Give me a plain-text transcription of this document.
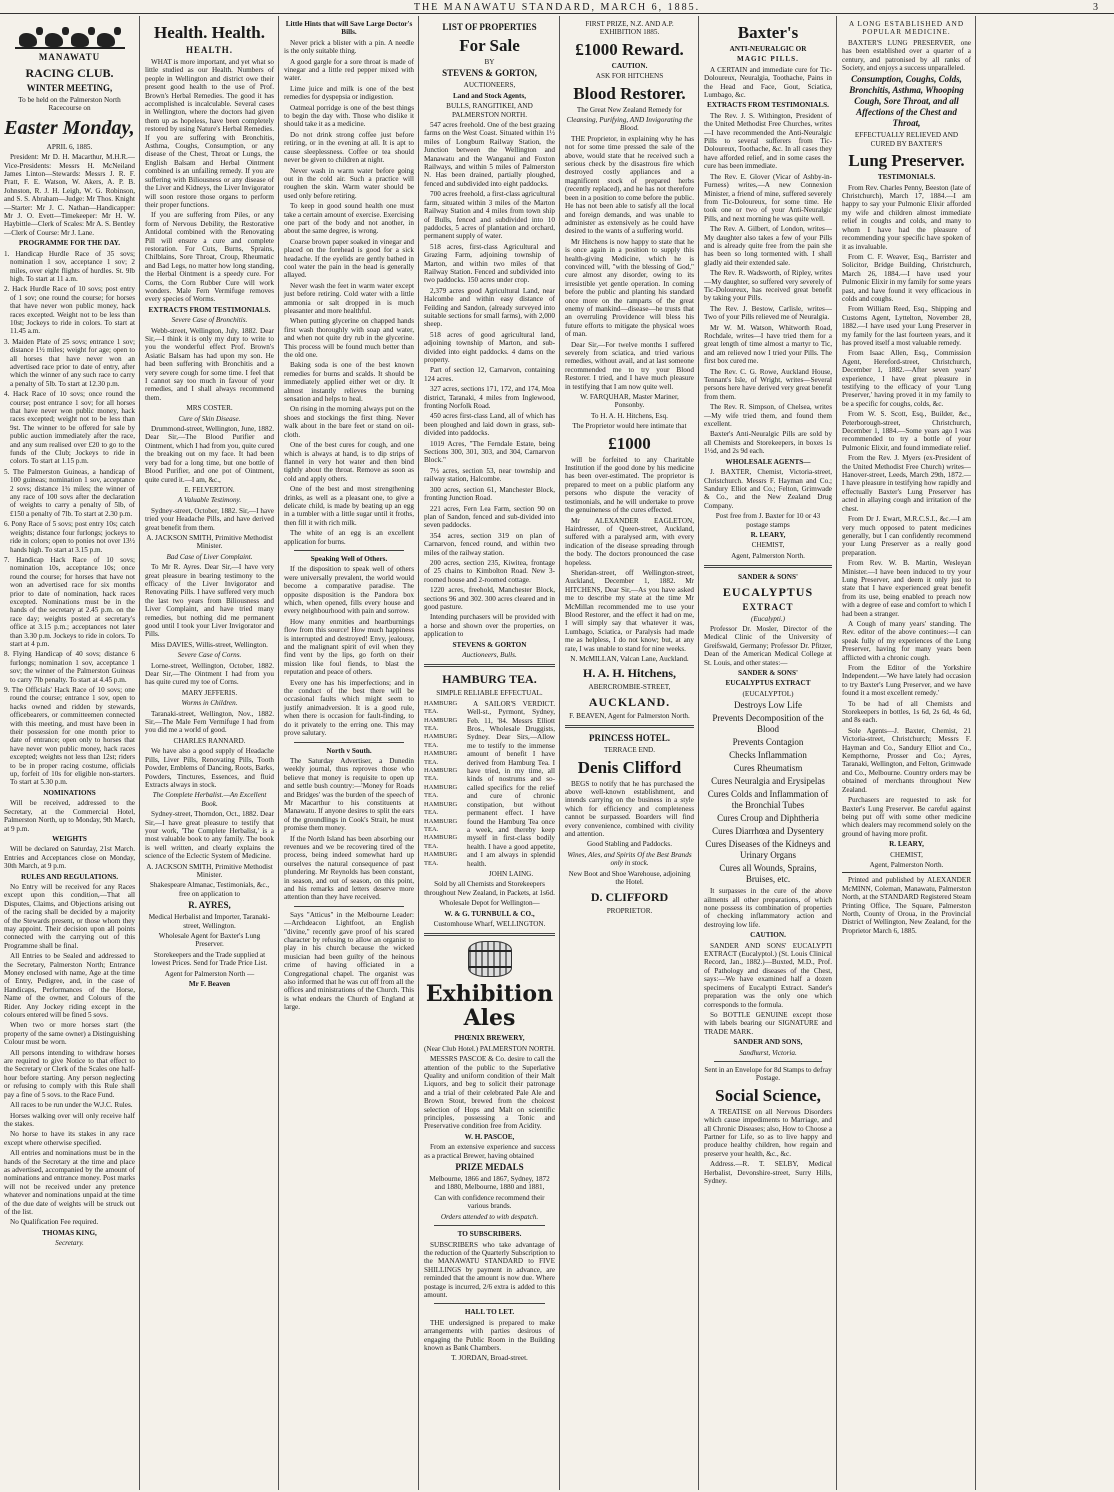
THE MANAWATU STANDARD, MARCH 6, 1885.	3

MANAWATU

RACING CLUB.

WINTER MEETING,

To be held on the Palmerston North Racecourse on

Easter Monday,

APRIL 6, 1885.

President: Mr D. H. Macarthur, M.H.R.—Vice-Presidents: Messrs H. McNeiland James Linton—Stewards: Messrs J. R. F. Pratt, F. E. Watson, W. Akers, A. P. B. Johnston, R. J. H. Leigh, W. G. Robinson, and S. S. Abraham—Judge: Mr Thos. Knight —Starter: Mr J. C. Nathan—Handicapper: Mr J. O. Evett—Timekeeper: Mr H. W. Haybittle—Clerk of Scales: Mr A. S. Bentley—Clerk of Course: Mr J. Lane.

PROGRAMME FOR THE DAY.

1. Handicap Hurdle Race of 35 sovs; nomination 1 sov, acceptance 1 sov; 2 miles, over eight flights of hurdles. St. 9lb high. To start at 11 a.m.

2. Hack Hurdle Race of 10 sovs; post entry of 1 sov; one round the course; for horses that have never won public money, hack races excepted. Weight not to be less than 10st; Jockeys to ride in colors. To start at 11.45 a.m.

3. Maiden Plate of 25 sovs; entrance 1 sov; distance 1½ miles; weight for age; open to all horses that have never won an advertised race prior to date of entry, after which the winner of any such race to carry a penalty of 5lb. To start at 12.30 p.m.

4. Hack Race of 10 sovs; once round the course; post entrance 1 sov; for all horses that have never won public money, hack races excepted; weight not to be less than 9st. The winner to be offered for sale by public auction immediately after the race, and any sum realised over £20 to go to the funds of the Club; Jockeys to ride in colors. To start at 1.15 p.m.

5. The Palmerston Guineas, a handicap of 100 guineas; nomination 1 sov, acceptance 2 sovs; distance 1¾ miles; the winner of any race of 100 sovs after the declaration of weights to carry a penalty of 5lb, of £150 a penalty of 7lb. To start at 2.30 p.m.

6. Pony Race of 5 sovs; post entry 10s; catch weights; distance four furlongs; jockeys to ride in colors; open to ponies not over 13½ hands high. To start at 3.15 p.m.

7. Handicap Hack Race of 10 sovs; nomination 10s, acceptance 10s; once round the course; for horses that have not won an advertised race for six months prior to date of nomination, hack races excepted. Nominations must be in the hands of the secretary at 2.45 p.m. on the race day; weights posted at secretary's office at 3.15 p.m.; acceptances not later than 3.30 p.m. Jockeys to ride in colors. To start at 4 p.m.

8. Flying Handicap of 40 sovs; distance 6 furlongs; nomination 1 sov, acceptance 1 sov; the winner of the Palmerston Guineas to carry 7lb penalty. To start at 4.45 p.m.

9. The Officials' Hack Race of 10 sovs; one round the course; entrance 1 sov, open to hacks owned and ridden by stewards, officebearers, or committeemen connected with this meeting, and must have been in their possession for one month prior to date of entrance; open only to horses that have never won public money, hack races excepted; weights not less than 12st; riders to be in proper racing costume, officials up, forfeit of 10s for eligible non-starters. To start at 5.30 p.m.

NOMINATIONS

Will be received, addressed to the Secretary, at the Commercial Hotel, Palmerston North, up to Monday, 9th March, at 9 p.m.

WEIGHTS

Will be declared on Saturday, 21st March. Entries and Acceptances close on Monday, 30th March, at 9 p.m.

RULES AND REGULATIONS.

No Entry will be received for any Races except upon this condition,—That all Disputes, Claims, and Objections arising out of the racing shall be decided by a majority of the Stewards present, or those whom they may appoint. Their decision upon all points connected with the carrying out of this Programme shall be final.

All Entries to be Sealed and addressed to the Secretary, Palmerston North; Entrance Money enclosed with name, Age at the time of Entry, Pedigree, and, in the case of Handicaps, Performances of the Horse, Name of the owner, and Colours of the Rider. Any Jockey riding except in the colours entered will be fined 5 sovs.

When two or more horses start (the property of the same owner) a Distinguishing Colour must be worn.

All persons intending to withdraw horses are required to give Notice to that effect to the Secretary or Clerk of the Scales one half-hour before starting. Any person neglecting or refusing to comply with this Rule shall pay a fine of 5 sovs. to the Race Fund.

All races to be run under the W.J.C. Rules.

Horses walking over will only receive half the stakes.

No horse to have its stakes in any race except where otherwise specified.

All entries and nominations must be in the hands of the Secretary at the time and place as advertised, accompanied by the amount of nominations and entrance money. Post marks will not be received under any pretence whatever and nominations unpaid at the time of the due date of weights will be struck out of the list.

No Qualification Fee required.

THOMAS KING,

Secretary.

Health. Health.

HEALTH.

WHAT is more important, and yet what so little studied as our Health. Numbers of people in Wellington and district owe their present good health to the use of Prof. Brown's Herbal Remedies. The good it has accomplished is incalculable. Several cases in Wellington, where the doctors had given them up as hopeless, have been completely restored by using Nature's Herbal Remedies. If you are suffering with Bronchitis, Asthma, Coughs, Consumption, or any disease of the Chest, Throat or Lungs, the English Balsam and Herbal Ointment combined is an unfailing remedy. If you are suffering with Biliousness or any disease of the Liver and Kidneys, the Liver Invigorator will soon restore those organs to perform their proper functions.

If you are suffering from Piles, or any form of Nervous Debility, the Restorative Antidotal combined with the Renovating Pill will ensure a cure and complete restoration. For Cuts, Burns, Sprains, Chilblains, Sore Throat, Croup, Rheumatic and Bad Legs, no matter how long standing, the Herbal Ointment is a speedy cure. For Corns, the Corn Rubber Cure will work wonders. Male Fern Vermifuge removes every species of Worms.

EXTRACTS FROM TESTIMONIALS.

Severe Case of Bronchitis.

Webb-street, Wellington, July, 1882. Dear Sir,—I think it is only my duty to write to you the wonderful effect Prof. Brown's Asiatic Balsam has had upon my son. He had been suffering with Bronchitis and a very severe cough for some time. I feel that I cannot say too much in favour of your remedies, and I shall always recommend them.

MRS COSTER.

Cure of Skin Disease.

Drummond-street, Wellington, June, 1882. Dear Sir,—The Blood Purifier and Ointment, which I had from you, quite cured the breaking out on my face. It had been very bad for a long time, but one bottle of Blood Purifier, and one pot of Ointment, quite cured it.—I am, &c.,

E. FELVERTON.

A Valuable Testimony.

Sydney-street, October, 1882. Sir,—I have tried your Headache Pills, and have derived great benefit from them.

A. JACKSON SMITH, Primitive Methodist Minister.

Bad Case of Liver Complaint.

To Mr R. Ayres. Dear Sir,—I have very great pleasure in bearing testimony to the efficacy of the Liver Invigorator and Renovating Pills. I have suffered very much the last two years from Biliousness and Liver Complaint, and have tried many remedies, but nothing did me permanent good until I took your Liver Invigorator and Pills.

Miss DAVIES, Willis-street, Wellington.

Severe Case of Corns.

Lorne-street, Wellington, October, 1882. Dear Sir,—The Ointment I had from you has quite cured my toe of Corns.

MARY JEFFERIS.

Worms in Children.

Taranaki-street, Wellington, Nov., 1882. Sir,—The Male Fern Vermifuge I had from you did me a world of good.

CHARLES RANNARD.

We have also a good supply of Headache Pills, Liver Pills, Renovating Pills, Tooth Powder, Emblems of Dancing, Roots, Barks, Powders, Tinctures, Essences, and fluid Extracts always in stock.

The Complete Herbalist.—An Excellent Book.

Sydney-street, Thorndon, Oct., 1882. Dear Sir,—I have great pleasure to testify that your work, 'The Complete Herbalist,' is a most valuable book to any family. The book is well written, and clearly explains the science of the Eclectic System of Medicine.

A. JACKSON SMITH, Primitive Methodist Minister.

Shakespeare Almanac, Testimonials, &c., free on application to

R. AYRES,

Medical Herbalist and Importer, Taranaki-street, Wellington.

Wholesale Agent for Baxter's Lung Preserver.

Storekeepers and the Trade supplied at lowest Prices. Send for Trade Price List.

Agent for Palmerston North —

Mr F. Beaven

Little Hints that will Save Large Doctor's Bills.

Never prick a blister with a pin. A needle is the only suitable thing.

A good gargle for a sore throat is made of vinegar and a little red pepper mixed with water.

Lime juice and milk is one of the best remedies for dyspepsia or indigestion.

Oatmeal porridge is one of the best things to begin the day with. Those who dislike it should take it as a medicine.

Do not drink strong coffee just before retiring, or in the evening at all. It is apt to cause sleeplessness. Coffee or tea should never be given to children at night.

Never wash in warm water before going out in the cold air. Such a practice will roughen the skin. Warm water should be used only before retiring.

To keep in good sound health one must take a certain amount of exercise. Exercising one part of the body and not another, in about the same degree, is wrong.

Coarse brown paper soaked in vinegar and placed on the forehead is good for a sick headache. If the eyelids are gently bathed in cool water the pain in the head is generally allayed.

Never wash the feet in warm water except just before retiring. Cold water with a little ammonia or salt dropped in is much pleasanter and more healthful.

When putting glycerine on chapped hands first wash thoroughly with soap and water, and when not quite dry rub in the glycerine. This process will be found much better than the old one.

Baking soda is one of the best known remedies for burns and scalds. It should be immediately applied either wet or dry. It almost instantly relieves the burning sensation and helps to heal.

On rising in the morning always put on the shoes and stockings the first thing. Never walk about in the bare feet or stand on oil-cloth.

One of the best cures for cough, and one which is always at hand, is to dip strips of flannel in very hot water and then bind tightly about the throat. Remove as soon as cold and apply others.

One of the best and most strengthening drinks, as well as a pleasant one, to give a delicate child, is made by beating up an egg in a tumbler with a little sugar until it froths, then fill it with rich milk.

The white of an egg is an excellent application for burns.

Speaking Well of Others.

If the disposition to speak well of others were universally prevalent, the world would become a comparative paradise. The opposite disposition is the Pandora box which, when opened, fills every house and every neighbourhood with pain and sorrow.

How many enmities and heartburnings flow from this source! How much happiness is interrupted and destroyed! Envy, jealousy, and the malignant spirit of evil when they find vent by the lips, go forth on their mission like foul fiends, to blast the reputation and peace of others.

Every one has his imperfections; and in the conduct of the best there will be occasional faults which might seem to justify animadversion. It is a good rule, when there is occasion for fault-finding, to do it privately to the erring one. This may prove salutary.

North v South.

The Saturday Advertiser, a Dunedin weekly journal, thus reproves those who believe that money is requisite to open up and settle bush country:—'Money for Roads and Bridges' was the burden of the speech of Mr Macarthur to his constituents at Manawatu. If anyone desires to split the ears of the groundlings in Cook's Strait, he must promise them money.

If the North Island has been absorbing our revenues and we be recovering tired of the process, being indeed somewhat hard up ourselves the natural consequence of past plundering. Mr Reynolds has been constant, in season, and out of season, on this point, and his remarks and letters deserve more attention than they have received.

Says "Atticus" in the Melbourne Leader:—Archdeacon Lightfoot, an English "divine," recently gave proof of his scared character by refusing to allow an organist to play in his church because the wicked musician had been guilty of the heinous crime of having officiated in a Congregational chapel. The organist was also informed that he was cut off from all the offices and ministrations of the Church. This is what endears the Church of England at large.

LIST OF PROPERTIES

For Sale

BY

STEVENS & GORTON,

AUCTIONEERS,

Land and Stock Agents,

BULLS, RANGITIKEI, AND PALMERSTON NORTH.

547 acres freehold. One of the best grazing farms on the West Coast. Situated within 1½ miles of Longburn Railway Station, the Junction between the Wellington and Manawatu and the Wanganui and Foxton Railways, and within 5 miles of Palmerston N. Has been drained, partially ploughed, fenced and subdivided into eight paddocks.

700 acres freehold, a first-class agricultural farm, situated within 3 miles of the Marton Railway Station and 4 miles from town ship of Bulls, fenced and subdivided into 10 paddocks, 5 acres of plantation and orchard, permanent supply of water.

518 acres, first-class Agricultural and Grazing Farm, adjoining township of Marton, and within two miles of that Railway Station. Fenced and subdivided into two paddocks. 150 acres under crop.

2,379 acres good Agricultural Land, near Halcombe and within easy distance of Feilding and Sandon, (already surveyed into suitable sections for small farms), with 2,000 sheep.

518 acres of good agricultural land, adjoining township of Marton, and sub-divided into eight paddocks. 4 dams on the property.

Part of section 12, Carnarvon, containing 124 acres.

327 acres, sections 171, 172, and 174, Moa district, Taranaki, 4 miles from Inglewood, fronting Norfolk Road.

450 acres first-class Land, all of which has been ploughed and laid down in grass, sub-divided into paddocks.

1019 Acres, "The Ferndale Estate, being Sections 300, 301, 303, and 304, Carnarvon Block."

7½ acres, section 53, near township and railway station, Halcombe.

300 acres, section 61, Manchester Block, fronting Junction Road.

221 acres, Fern Lea Farm, section 90 on plan of Sandon, fenced and sub-divided into seven paddocks.

354 acres, section 319 on plan of Carnarvon, fenced round, and within two miles of the railway station.

200 acres, section 235, Kiwitea, frontage of 25 chains to Kimbolton Road. New 3-roomed house and 2-roomed cottage.

1220 acres, freehold, Manchester Block, sections 96 and 302. 300 acres cleared and in good pasture.

Intending purchasers will be provided with a horse and shown over the properties, on application to

STEVENS & GORTON

Auctioneers, Bulls.

HAMBURG TEA.

SIMPLE RELIABLE EFFECTUAL.

HAMBURG TEA.
HAMBURG TEA.
HAMBURG TEA.
HAMBURG TEA.
HAMBURG TEA.
HAMBURG TEA.
HAMBURG TEA.
HAMBURG TEA.
HAMBURG TEA.
HAMBURG TEA.

A SAILOR'S VERDICT. Well-st., Pyrmont, Sydney, Feb. 11, '84. Messrs Elliott Bros., Wholesale Druggists, Sydney. Dear Sirs,—Allow me to testify to the immense amount of benefit I have derived from Hamburg Tea. I have tried, in my time, all kinds of nostrums and so-called specifics for the relief and cure of chronic constipation, but without permanent effect. I have found the Hamburg Tea once a week, and thereby keep myself in first-class bodily health. I have a good appetite, and I am always in splendid health.

JOHN LAING.

Sold by all Chemists and Storekeepers throughout New Zealand, in Packets, at 1s6d.

Wholesale Depot for Wellington—

W. & G. TURNBULL & CO.,

Customhouse Wharf, WELLINGTON.

Exhibition Ales

PHŒNIX BREWERY,

(Near Club Hotel.) PALMERSTON NORTH.

MESSRS PASCOE & Co. desire to call the attention of the public to the Superlative Quality and uniform condition of their Malt Liquors, and beg to solicit their patronage and a trial of their celebrated Pale Ale and Brown Stout, brewed from the choicest selection of Hops and Malt on scientific principles, possessing a Tonic and Preservative condition free from Acidity.

W. H. PASCOE,

From an extensive experience and success as a practical Brewer, having obtained

PRIZE MEDALS

Melbourne, 1866 and 1867, Sydney, 1872 and 1880, Melbourne, 1880 and 1881,

Can with confidence recommend their various brands.

Orders attended to with despatch.

TO SUBSCRIBERS.

SUBSCRIBERS who take advantage of the reduction of the Quarterly Subscription to the MANAWATU STANDARD to FIVE SHILLINGS by payment in advance, are reminded that the amount is now due. Where postage is incurred, 2/6 extra is added to this amount.

HALL TO LET.

THE undersigned is prepared to make arrangements with parties desirous of engaging the Public Room in the Building known as Bank Chambers.

T. JORDAN, Broad-street.

FIRST PRIZE, N.Z. AND A.P. EXHIBITION 1885.

£1000 Reward.

CAUTION.

ASK FOR HITCHENS

Blood Restorer.

The Great New Zealand Remedy for

Cleansing, Purifying, AND Invigorating the Blood.

THE Proprietor, in explaining why he has not for some time pressed the sale of the above, would state that he received such a serious check by the disastrous fire which destroyed costly appliances and a magnificent stock of prepared herbs (recently replaced), and he has not therefore been in a position to come before the public. He has not been able to satisfy all the local and foreign demands, and was unable to administer as extensively as he could have desired to the wants of a suffering world.

Mr Hitchens is now happy to state that he is once again in a position to supply this health-giving Medicine, which he is convinced will, "with the blessing of God," cure almost any disorder, owing to its irresistible yet gentle operation. In coming before the public and planting his standard once more on the ramparts of the great enemy of mankind—disease—he trusts that an overruling Providence will bless his future efforts to mitigate the physical woes of man.

Dear Sir,—For twelve months I suffered severely from sciatica, and tried various remedies, without avail, and at last someone recommended me to try your Blood Restorer. I tried, and I have much pleasure in testifying that I am now quite well.

W. FARQUHAR, Master Mariner, Ponsonby.

To H. A. H. Hitchens, Esq.

The Proprietor would here intimate that

£1000

will be forfeited to any Charitable Institution if the good done by his medicine has been over-estimated. The proprietor is prepared to meet on a public platform any persons who dispute the veracity of testimonials, and he will undertake to prove the genuineness of the cures effected.

Mr ALEXANDER EAGLETON, Hairdresser, of Queen-street, Auckland, suffered with a paralysed arm, with every indication of the disease spreading through the body. The doctors pronounced the case hopeless.

Sheridan-street, off Wellington-street, Auckland, December 1, 1882. Mr HITCHENS, Dear Sir,—As you have asked me to describe my state at the time Mr McMillan recommended me to use your Blood Restorer, and the effect it had on me, I will simply say that whatever it was, Lumbago, Sciatica, or Paralysis had made me as helpless, I do not know; but, at any rate, I was unable to stand for nine weeks.

N. McMILLAN, Valcan Lane, Auckland.

H. A. H. Hitchens,

ABERCROMBIE-STREET,

AUCKLAND.

F. BEAVEN, Agent for Palmerston North.

PRINCESS HOTEL.

TERRACE END.

Denis Clifford

BEGS to notify that he has purchased the above well-known establishment, and intends carrying on the business in a style which for efficiency and completeness cannot be surpassed. Boarders will find every convenience, combined with civility and attention.

Good Stabling and Paddocks.

Wines, Ales, and Spirits Of the Best Brands only in stock.

New Boot and Shoe Warehouse, adjoining the Hotel.

D. CLIFFORD

PROPRIETOR.

Baxter's

ANTI-NEURALGIC OR

MAGIC PILLS.

A CERTAIN and immediate cure for Tic-Doloureux, Neuralgia, Toothache, Pains in the Head and Face, Gout, Sciatica, Lumbago, &c.

EXTRACTS FROM TESTIMONIALS.

The Rev. J. S. Withington, President of the United Methodist Free Churches, writes —I have recommended the Anti-Neuralgic Pills to several sufferers from Tic-Doloureux, Toothache, &c. In all cases they have afforded relief, and in some cases the cure has been immediate.

The Rev. E. Glover (Vicar of Ashby-in-Furness) writes,—A new Connexion Minister, a friend of mine, suffered severely from Tic-Doloureux, for some time. He took one or two of your Anti-Neuralgic Pills, and next morning he was quite well.

The Rev. A. Gilbert, of London, writes—My daughter also takes a few of your Pills and is already quite free from the pain she has been so long tormented with. I shall gladly aid their extended sale.

The Rev. R. Wadsworth, of Ripley, writes —My daughter, so suffered very severely of Tic-Doloureux, has received great benefit by taking your Pills.

The Rev. J. Bestow, Carlisle, writes—Two of your Pills relieved me of Neuralgia.

Mr W. M. Watson, Whitworth Road, Rochdale, writes—I have tried them for a great length of time almost a martyr to Tic, and am relieved now I tried your Pills. The first box cured me.

The Rev. C. G. Rowe, Auckland House, Tennant's Isle, of Wright, writes—Several persons here have derived very great benefit from them.

The Rev. R. Simpson, of Chelsea, writes—My wife tried them, and found them excellent.

Baxter's Anti-Neuralgic Pills are sold by all Chemists and Storekeepers, in boxes 1s 1½d, and 2s 9d each.

WHOLESALE AGENTS—

J. BAXTER, Chemist, Victoria-street, Christchurch. Messrs F. Hayman and Co.; Sandury Elliot and Co.; Felton, Grimwade & Co., and the New Zealand Drug Company.

Post free from J. Baxter for 10 or 43 postage stamps

R. LEARY,

CHEMIST,

Agent, Palmerston North.

SANDER & SONS'

EUCALYPTUS

EXTRACT

(Eucalypti.)

Professor Dr. Mosler, Director of the Medical Clinic of the University of Greifswald, Germany; Professor Dr. Pfitzer, Dean of the American Medical College at St. Louis, and other states:—

SANDER & SONS'

EUCALYPTUS EXTRACT

(EUCALYPTOL)

Destroys Low Life

Prevents Decomposition of the Blood

Prevents Contagion

Checks Inflammation

Cures Rheumatism

Cures Neuralgia and Erysipelas

Cures Colds and Inflammation of the Bronchial Tubes

Cures Croup and Diphtheria

Cures Diarrhœa and Dysentery

Cures Diseases of the Kidneys and Urinary Organs

Cures all Wounds, Sprains, Bruises, etc.

It surpasses in the cure of the above ailments all other preparations, of which none possess its combination of properties of checking inflammatory action and destroying low life.

CAUTION.

SANDER AND SONS' EUCALYPTI EXTRACT (Eucalyptol.) (St. Louis Clinical Record, Jan., 1882.)—Buxted, M.D., Prof. of Pathology and diseases of the Chest, says:—We have examined half a dozen specimens of Eucalypti Extract. Sander's preparation was the only one which corresponds to the formula.

So BOTTLE GENUINE except those with labels bearing our SIGNATURE and TRADE MARK.

SANDER AND SONS,

Sandhurst, Victoria.

Sent in an Envelope for 8d Stamps to defray Postage.

Social Science,

A TREATISE on all Nervous Disorders which cause impediments to Marriage, and all Chronic Diseases; also, How to Choose a Partner for Life, so as to live happy and produce healthy children, how regain and preserve your health, &c., &c.

Address.—R. T. SELBY, Medical Herbalist, Devonshire-street, Surry Hills, Sydney.

A LONG ESTABLISHED AND POPULAR MEDICINE.

BAXTER'S LUNG PRESERVER, one has been established over a quarter of a century, and patronised by all ranks of Society, and enjoys a success unparalleled.

Consumption, Coughs, Colds, Bronchitis, Asthma, Whooping Cough, Sore Throat, and all Affections of the Chest and Throat,

EFFECTUALLY RELIEVED AND CURED BY BAXTER'S

Lung Preserver.

TESTIMONIALS.

From Rev. Charles Penny, Beeston (late of Christchurch), March 17, 1884.—I am happy to say your Pulmonic Elixir afforded my wife and children almost immediate relief in coughs and colds, and many to whom I have had the pleasure of recommending your specific have spoken of it as invaluable.

From C. F. Weaver, Esq., Barrister and Solicitor, Bridge Building, Christchurch, March 26, 1884.—I have used your Pulmonic Elixir in my family for some years past, and have found it very efficacious in colds and coughs.

From William Reed, Esq., Shipping and Customs Agent, Lyttelton, November 28, 1882.—I have used your Lung Preserver in my family for the last fourteen years, and it has proved itself a most valuable remedy.

From Isaac Allen, Esq., Commission Agent, Hereford-street, Christchurch, December 1, 1882.—After seven years' experience, I have great pleasure in testifying to the efficacy of your 'Lung Preserver,' having proved it in my family to be a specific for coughs, colds, &c.

From W. S. Scott, Esq., Builder, &c., Peterborough-street, Christchurch, December 1, 1884.—Some years ago I was recommended to try a bottle of your Pulmonic Elixir, and found immediate relief.

From the Rev. J. Myers (ex-President of the United Methodist Free Church) writes—Hanover-street, Leeds, March 29th, 1872.—I have pleasure in testifying how rapidly and effectually Baxter's Lung Preserver has acted in allaying cough and irritation of the chest.

From Dr J. Ewart, M.R.C.S.I., &c.—I am very much opposed to patent medicines generally, but I can confidently recommend your Lung Preserver as a really good preparation.

From Rev. W. B. Martin, Wesleyan Minister.—I have been induced to try your Lung Preserver, and deem it only just to state that I have experienced great benefit from its use, being enabled to preach now with a degree of ease and comfort to which I had been a stranger.

A Cough of many years' standing. The Rev. editor of the above continues:—I can speak fully of my experiences of the Lung Preserver, having for many years been afflicted with a chronic cough.

From the Editor of the Yorkshire Independent.—'We have lately had occasion to try Baxter's Lung Preserver, and we have found it a most excellent remedy.'

To be had of all Chemists and Storekeepers in bottles, 1s 6d, 2s 6d, 4s 6d, and 8s each.

Sole Agents—J. Baxter, Chemist, 21 Victoria-street, Christchurch; Messrs F. Hayman and Co., Sandury Elliot and Co., Kempthorne, Prosser and Co.; Ayres, Taranaki, Wellington, and Felton, Grimwade and Co., Melbourne. Country orders may be obtained of merchants throughout New Zealand.

Purchasers are requested to ask for Baxter's Lung Preserver. Be careful against being put off with some other medicine which dealers may recommend solely on the ground of having more profit.

R. LEARY,

CHEMIST,

Agent, Palmerston North.

Printed and published by ALEXANDER McMINN, Coleman, Manawatu, Palmerston North, at the STANDARD Registered Steam Printing Office, The Square, Palmerston North, County of Oroua, in the Provincial District of Wellington, New Zealand, for the Proprietor March 6, 1885.
